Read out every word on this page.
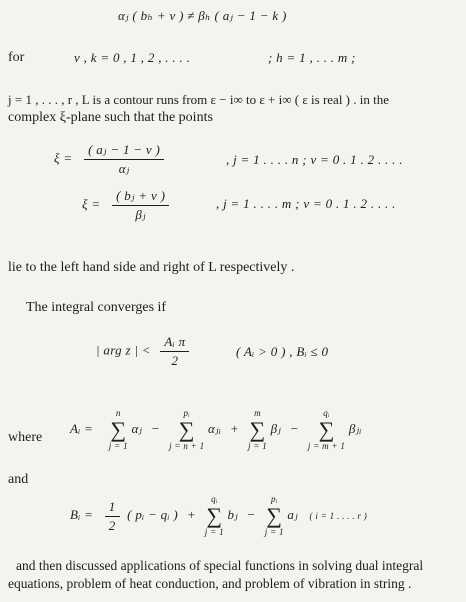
αⱼ ( bₕ + ν ) ≠ βₕ ( aⱼ − 1 − k )
for	ν , k = 0 , 1 , 2 , . . . .	; h = 1 , . . . m ;
j = 1 , . . . , r , L is a contour runs from ε − i∞ to ε + i∞ ( ε is real ) . in the
complex ξ-plane such that the points
$\xi = \frac{\text{( aⱼ − 1 − ν )}}{\text{αⱼ}}$	, j = 1 . . . . n ; ν = 0 . 1 . 2 . . . .
$\xi = \frac{\text{( bⱼ + ν )}}{\text{βⱼ}}$	, j = 1 . . . . m ; ν = 0 . 1 . 2 . . . .
lie to the left hand side and right of L respectively .
The integral converges if
| arg z | < $\frac{\text{Aᵢ π}}{2}$	( Aᵢ > 0 ) , Bᵢ ≤ 0
where
Aᵢ =
n
∑
j = 1
αⱼ −
pᵢ
∑
j = n + 1
αⱼᵢ +
m
∑
j = 1
βⱼ −
qᵢ
∑
j = m + 1
βⱼᵢ
and
Bᵢ = $\frac{1}{2}$ ( pᵢ − qᵢ ) +
qᵢ
∑
j = 1
bⱼ −
pᵢ
∑
j = 1
aⱼ ( i = 1 . . . . r )
and then discussed applications of special functions in solving dual integral
equations, problem of heat conduction, and problem of vibration in string .
